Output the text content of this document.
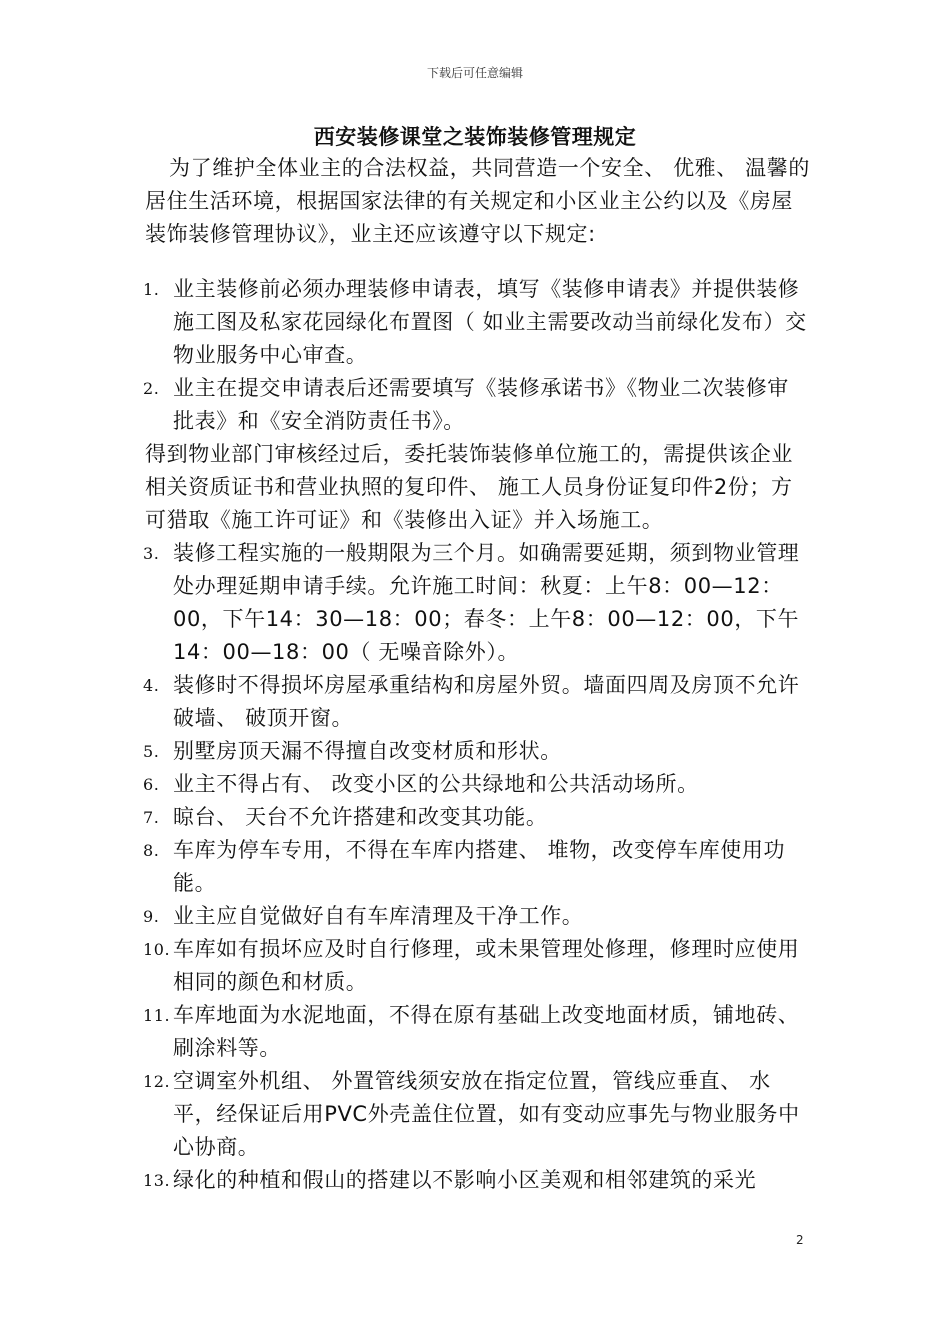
下载后可任意编辑
西安装修课堂之装饰装修管理规定

为了维护全体业主的合法权益，共同营造一个安全、 优雅、 温馨的居住生活环境，根据国家法律的有关规定和小区业主公约以及《房屋装饰装修管理协议》，业主还应该遵守以下规定:

1. 业主装修前必须办理装修申请表，填写《装修申请表》并提供装修施工图及私家花园绿化布置图（ 如业主需要改动当前绿化发布）交物业服务中心审查。
2. 业主在提交申请表后还需要填写《装修承诺书》《物业二次装修审批表》和《安全消防责任书》。

得到物业部门审核经过后，委托装饰装修单位施工的，需提供该企业相关资质证书和营业执照的复印件、 施工人员身份证复印件2份；方可猎取《施工许可证》和《装修出入证》并入场施工。

3. 装修工程实施的一般期限为三个月。如确需要延期，须到物业管理处办理延期申请手续。允许施工时间：秋夏：上午8：00—12：00，下午14：30—18：00；春冬：上午8：00—12：00，下午14：00—18：00（ 无噪音除外）。
4. 装修时不得损坏房屋承重结构和房屋外贸。墙面四周及房顶不允许破墙、 破顶开窗。
5. 别墅房顶天漏不得擅自改变材质和形状。
6. 业主不得占有、 改变小区的公共绿地和公共活动场所。
7. 晾台、 天台不允许搭建和改变其功能。
8. 车库为停车专用，不得在车库内搭建、 堆物，改变停车库使用功能。
9. 业主应自觉做好自有车库清理及干净工作。
10. 车库如有损坏应及时自行修理，或未果管理处修理，修理时应使用相同的颜色和材质。
11. 车库地面为水泥地面，不得在原有基础上改变地面材质，铺地砖、 刷涂料等。
12. 空调室外机组、 外置管线须安放在指定位置，管线应垂直、 水平，经保证后用PVC外壳盖住位置，如有变动应事先与物业服务中心协商。
13. 绿化的种植和假山的搭建以不影响小区美观和相邻建筑的采光
2
